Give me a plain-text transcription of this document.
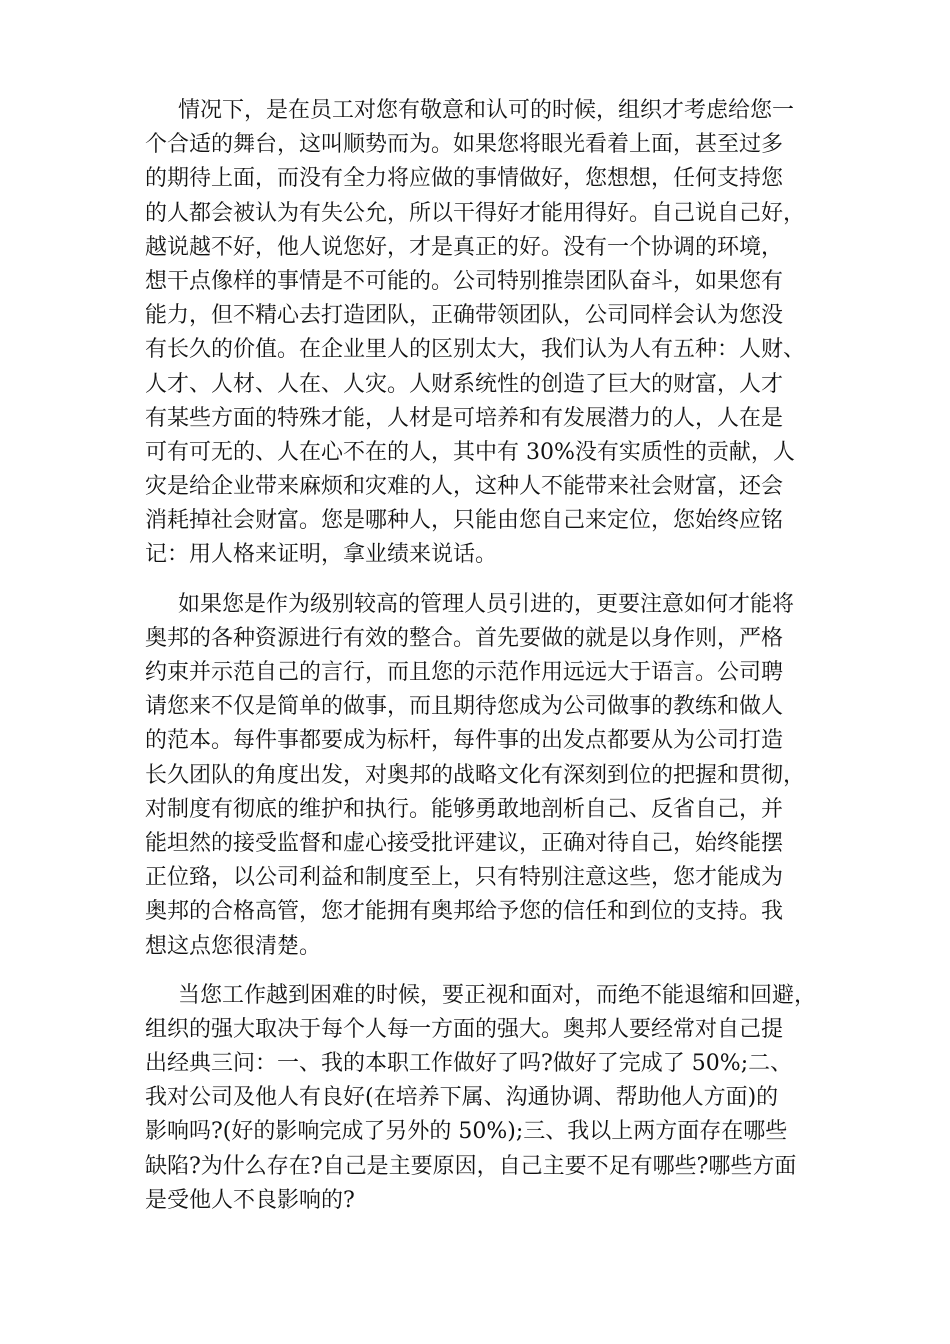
情况下，是在员工对您有敬意和认可的时候，组织才考虑给您一
个合适的舞台，这叫顺势而为。如果您将眼光看着上面，甚至过多
的期待上面，而没有全力将应做的事情做好，您想想，任何支持您
的人都会被认为有失公允，所以干得好才能用得好。自己说自己好，
越说越不好，他人说您好，才是真正的好。没有一个协调的环境，
想干点像样的事情是不可能的。公司特别推崇团队奋斗，如果您有
能力，但不精心去打造团队，正确带领团队，公司同样会认为您没
有长久的价值。在企业里人的区别太大，我们认为人有五种：人财、
人才、人材、人在、人灾。人财系统性的创造了巨大的财富，人才
有某些方面的特殊才能，人材是可培养和有发展潜力的人，人在是
可有可无的、人在心不在的人，其中有 30%没有实质性的贡献，人
灾是给企业带来麻烦和灾难的人，这种人不能带来社会财富，还会
消耗掉社会财富。您是哪种人，只能由您自己来定位，您始终应铭
记：用人格来证明，拿业绩来说话。
如果您是作为级别较高的管理人员引进的，更要注意如何才能将
奥邦的各种资源进行有效的整合。首先要做的就是以身作则，严格
约束并示范自己的言行，而且您的示范作用远远大于语言。公司聘
请您来不仅是简单的做事，而且期待您成为公司做事的教练和做人
的范本。每件事都要成为标杆，每件事的出发点都要从为公司打造
长久团队的角度出发，对奥邦的战略文化有深刻到位的把握和贯彻，
对制度有彻底的维护和执行。能够勇敢地剖析自己、反省自己，并
能坦然的接受监督和虚心接受批评建议，正确对待自己，始终能摆
正位臵，以公司利益和制度至上，只有特别注意这些，您才能成为
奥邦的合格高管，您才能拥有奥邦给予您的信任和到位的支持。我
想这点您很清楚。
当您工作越到困难的时候，要正视和面对，而绝不能退缩和回避，
组织的强大取决于每个人每一方面的强大。奥邦人要经常对自己提
出经典三问：一、我的本职工作做好了吗?做好了完成了 50%;二、
我对公司及他人有良好(在培养下属、沟通协调、帮助他人方面)的
影响吗?(好的影响完成了另外的 50%);三、我以上两方面存在哪些
缺陷?为什么存在?自己是主要原因，自己主要不足有哪些?哪些方面
是受他人不良影响的?
